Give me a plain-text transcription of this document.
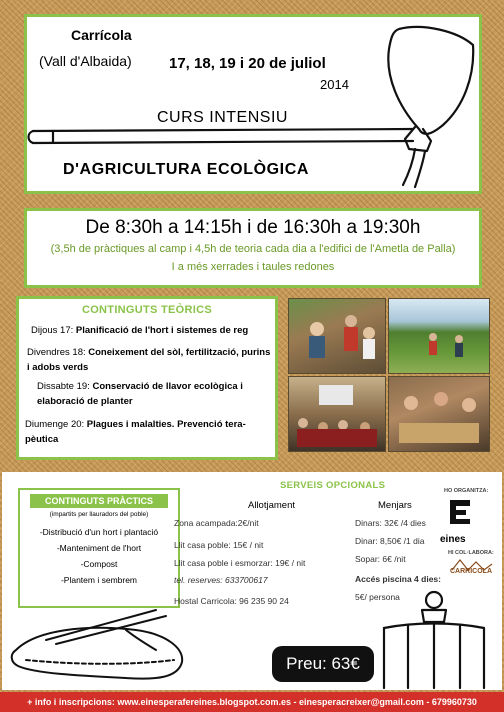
Carrícola
(Vall d'Albaida) 17, 18, 19 i 20 de juliol
2014
CURS INTENSIU
D'AGRICULTURA ECOLÒGICA
De 8:30h a 14:15h i de 16:30h a 19:30h
(3,5h de pràctiques al camp i 4,5h de teoria cada dia a l'edifici de l'Ametla de Palla)
I a més xerrades i taules redones
CONTINGUTS TEÒRICS
Dijous 17: Planificació de l'hort i sistemes de reg
Divendres 18: Coneixement del sòl, fertilització, purins i adobs verds
Dissabte 19: Conservació de llavor ecològica i elaboració de planter
Diumenge 20: Plagues i malalties. Prevenció tera-pèutica
CONTINGUTS PRÀCTICS
(impartits per llauradors del poble)
-Distribució d'un hort i plantació
-Manteniment de l'hort
-Compost
-Plantem i sembrem
SERVEIS OPCIONALS
Allotjament	Menjars
Zona acampada:2€/nit
Llit casa poble: 15€ / nit
Llit casa poble i esmorzar: 19€ / nit
tel. reserves: 633700617
Hostal Carricola: 96 235 90 24
Dinars: 32€ /4 dies
Dinar: 8,50€ /1 dia
Sopar: 6€ /nit
Accés piscina 4 dies:
5€/ persona
HO ORGANITZA:
eines
HI COL·LABORA:
CARRÍCOLA
Preu: 63€
+ info i inscripcions: www.einesperafereines.blogspot.com.es - einesperacreixer@gmail.com - 679960730
